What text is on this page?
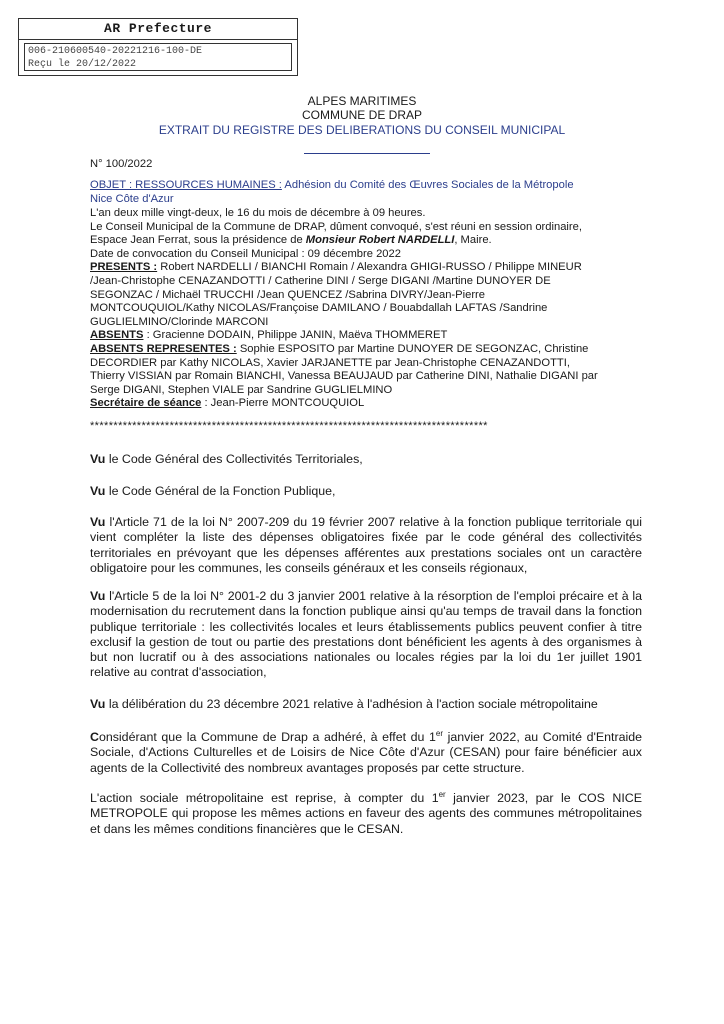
AR Prefecture
006-210600540-20221216-100-DE
Reçu le 20/12/2022
ALPES MARITIMES
COMMUNE DE DRAP
EXTRAIT DU REGISTRE DES DELIBERATIONS DU CONSEIL MUNICIPAL
N° 100/2022
OBJET : RESSOURCES HUMAINES : Adhésion du Comité des Œuvres Sociales de la Métropole
Nice Côte d'Azur
L'an deux mille vingt-deux, le 16 du mois de décembre à 09 heures.
Le Conseil Municipal de la Commune de DRAP, dûment convoqué, s'est réuni en session ordinaire,
Espace Jean Ferrat, sous la présidence de Monsieur Robert NARDELLI, Maire.
Date de convocation du Conseil Municipal : 09 décembre 2022
PRESENTS : Robert NARDELLI / BIANCHI Romain / Alexandra GHIGI-RUSSO / Philippe MINEUR
/Jean-Christophe CENAZANDOTTI / Catherine DINI / Serge DIGANI /Martine DUNOYER DE
SEGONZAC / Michaël TRUCCHI /Jean QUENCEZ /Sabrina DIVRY/Jean-Pierre
MONTCOUQUIOL/Kathy NICOLAS/Françoise DAMILANO / Bouabdallah LAFTAS /Sandrine
GUGLIELMINO/Clorinde MARCONI
ABSENTS : Gracienne DODAIN, Philippe JANIN, Maëva THOMMERET
ABSENTS REPRESENTES : Sophie ESPOSITO par Martine DUNOYER DE SEGONZAC, Christine
DECORDIER par Kathy NICOLAS, Xavier JARJANETTE par Jean-Christophe CENAZANDOTTI,
Thierry VISSIAN par Romain BIANCHI, Vanessa BEAUJAUD par Catherine DINI, Nathalie DIGANI par
Serge DIGANI, Stephen VIALE par Sandrine GUGLIELMINO
Secrétaire de séance : Jean-Pierre MONTCOUQUIOL
*************************************************************************************
Vu le Code Général des Collectivités Territoriales,
Vu le Code Général de la Fonction Publique,
Vu l'Article 71 de la loi N° 2007-209 du 19 février 2007 relative à la fonction publique territoriale qui vient compléter la liste des dépenses obligatoires fixée par le code général des collectivités territoriales en prévoyant que les dépenses afférentes aux prestations sociales ont un caractère obligatoire pour les communes, les conseils généraux et les conseils régionaux,
Vu l'Article 5 de la loi N° 2001-2 du 3 janvier 2001 relative à la résorption de l'emploi précaire et à la modernisation du recrutement dans la fonction publique ainsi qu'au temps de travail dans la fonction publique territoriale : les collectivités locales et leurs établissements publics peuvent confier à titre exclusif la gestion de tout ou partie des prestations dont bénéficient les agents à des organismes à but non lucratif ou à des associations nationales ou locales régies par la loi du 1er juillet 1901 relative au contrat d'association,
Vu la délibération du 23 décembre 2021 relative à l'adhésion à l'action sociale métropolitaine
Considérant que la Commune de Drap a adhéré, à effet du 1er janvier 2022, au Comité d'Entraide Sociale, d'Actions Culturelles et de Loisirs de Nice Côte d'Azur (CESAN) pour faire bénéficier aux agents de la Collectivité des nombreux avantages proposés par cette structure.
L'action sociale métropolitaine est reprise, à compter du 1er janvier 2023, par le COS NICE METROPOLE qui propose les mêmes actions en faveur des agents des communes métropolitaines et dans les mêmes conditions financières que le CESAN.
